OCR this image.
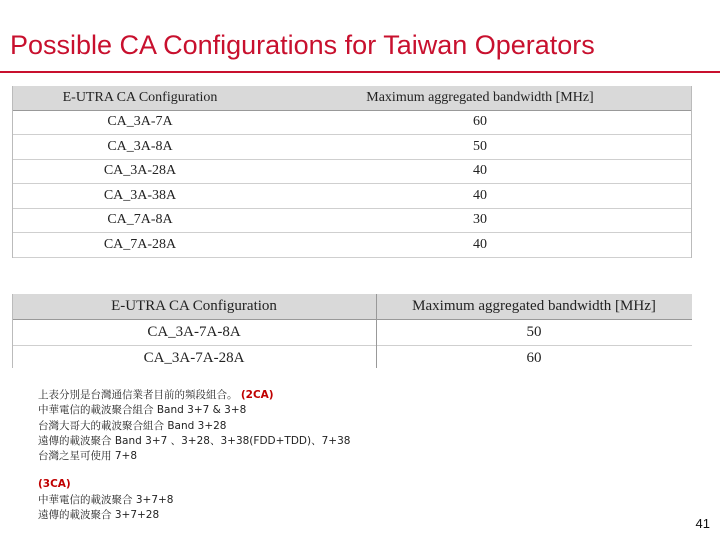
Possible CA Configurations for Taiwan Operators
E-UTRA CA Configuration	Maximum aggregated bandwidth [MHz]
CA_3A-7A	60
CA_3A-8A	50
CA_3A-28A	40
CA_3A-38A	40
CA_7A-8A	30
CA_7A-28A	40
E-UTRA CA Configuration	Maximum aggregated bandwidth [MHz]
CA_3A-7A-8A	50
CA_3A-7A-28A	60
上表分別是台灣通信業者目前的頻段組合。 (2CA)
中華電信的載波聚合組合 Band 3+7 & 3+8
台灣大哥大的載波聚合組合 Band 3+28
遠傳的載波聚合 Band 3+7 、3+28、3+38(FDD+TDD)、7+38
台灣之星可使用 7+8
(3CA)
中華電信的載波聚合 3+7+8
遠傳的載波聚合 3+7+28
41
